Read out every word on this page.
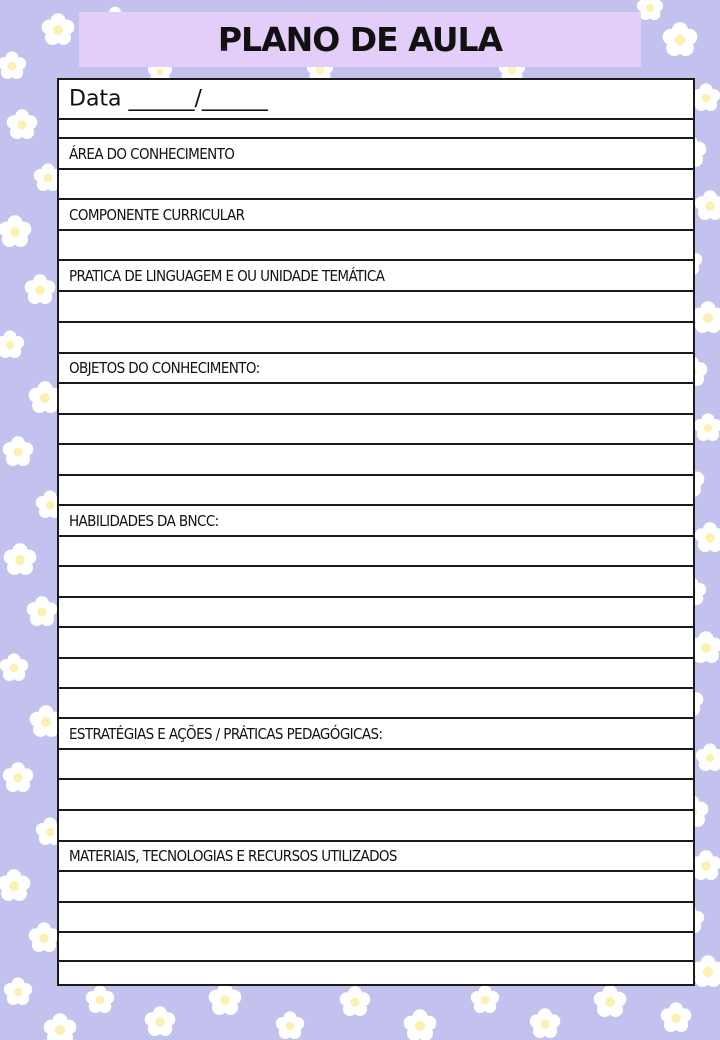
PLANO DE AULA
Data ______/______
ÁREA DO CONHECIMENTO
COMPONENTE CURRICULAR
PRATICA DE LINGUAGEM E OU UNIDADE TEMÁTICA
OBJETOS DO CONHECIMENTO:
HABILIDADES DA BNCC:
ESTRATÉGIAS E AÇÕES / PRÁTICAS PEDAGÓGICAS:
MATERIAIS, TECNOLOGIAS E RECURSOS UTILIZADOS
